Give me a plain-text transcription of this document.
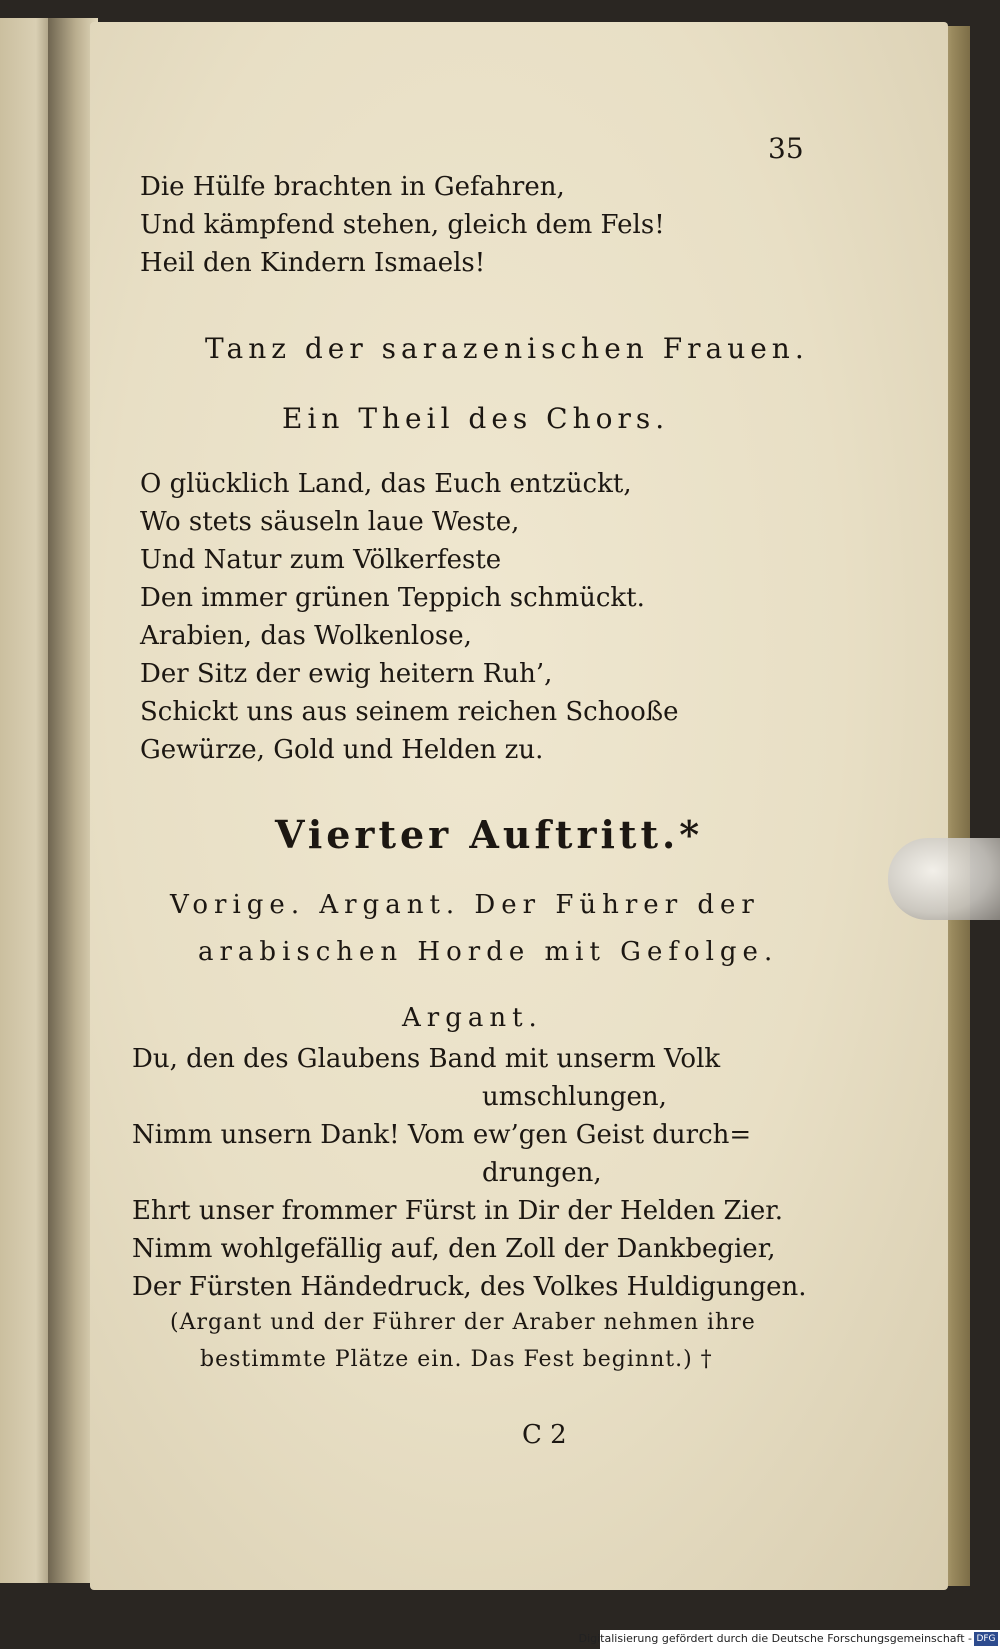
35
Die Hülfe brachten in Gefahren,
Und kämpfend stehen, gleich dem Fels!
Heil den Kindern Ismaels!
Tanz der sarazenischen Frauen.
Ein Theil des Chors.
O glücklich Land, das Euch entzückt,
Wo stets säuseln laue Weste,
Und Natur zum Völkerfeste
Den immer grünen Teppich schmückt.
Arabien, das Wolkenlose,
Der Sitz der ewig heitern Ruh’,
Schickt uns aus seinem reichen Schooße
Gewürze, Gold und Helden zu.
Vierter Auftritt.*
Vorige. Argant. Der Führer der
arabischen Horde mit Gefolge.
Argant.
Du, den des Glaubens Band mit unserm Volk
umschlungen,
Nimm unsern Dank! Vom ew’gen Geist durch=
drungen,
Ehrt unser frommer Fürst in Dir der Helden Zier.
Nimm wohlgefällig auf, den Zoll der Dankbegier,
Der Fürsten Händedruck, des Volkes Huldigungen.
(Argant und der Führer der Araber nehmen ihre
bestimmte Plätze ein. Das Fest beginnt.) †
C 2
Digitalisierung gefördert durch die Deutsche Forschungsgemeinschaft - DFG
